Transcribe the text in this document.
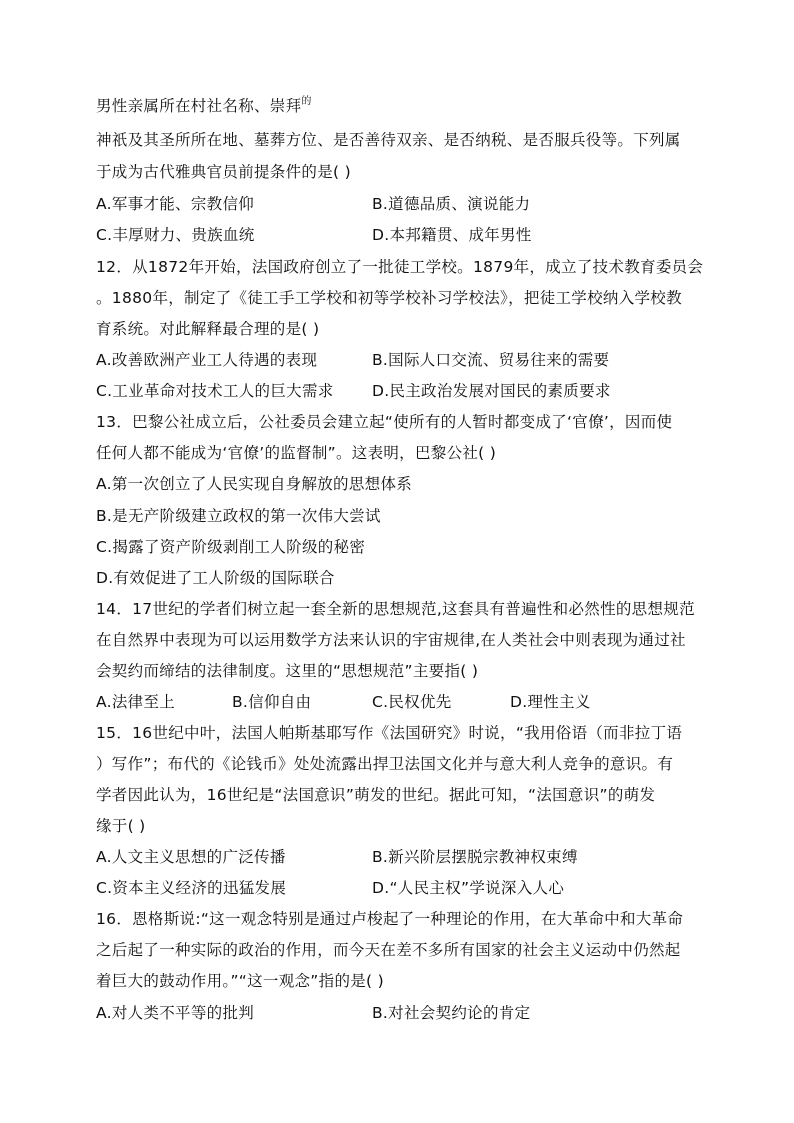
男性亲属所在村社名称、崇拜$^的$
神祇及其圣所所在地、墓葬方位、是否善待双亲、是否纳税、是否服兵役等。下列属
于成为古代雅典官员前提条件的是( )
A.军事才能、宗教信仰	B.道德品质、演说能力
C.丰厚财力、贵族血统	D.本邦籍贯、成年男性
12．从1872年开始，法国政府创立了一批徒工学校。1879年，成立了技术教育委员会
。1880年，制定了《徒工手工学校和初等学校补习学校法》，把徒工学校纳入学校教
育系统。对此解释最合理的是( )
A.改善欧洲产业工人待遇的表现	B.国际人口交流、贸易往来的需要
C.工业革命对技术工人的巨大需求 D.民主政治发展对国民的素质要求
13．巴黎公社成立后，公社委员会建立起“使所有的人暂时都变成了‘官僚’，因而使
任何人都不能成为‘官僚’的监督制”。这表明，巴黎公社( )
A.第一次创立了人民实现自身解放的思想体系
B.是无产阶级建立政权的第一次伟大尝试
C.揭露了资产阶级剥削工人阶级的秘密
D.有效促进了工人阶级的国际联合
14．17世纪的学者们树立起一套全新的思想规范,这套具有普遍性和必然性的思想规范
在自然界中表现为可以运用数学方法来认识的宇宙规律,在人类社会中则表现为通过社
会契约而缔结的法律制度。这里的“思想规范”主要指( )
A.法律至上	B.信仰自由	C.民权优先	D.理性主义
15．16世纪中叶，法国人帕斯基耶写作《法国研究》时说，“我用俗语（而非拉丁语
）写作”；布代的《论钱币》处处流露出捍卫法国文化并与意大利人竞争的意识。有
学者因此认为，16世纪是“法国意识”萌发的世纪。据此可知，“法国意识”的萌发
缘于( )
A.人文主义思想的广泛传播	B.新兴阶层摆脱宗教神权束缚
C.资本主义经济的迅猛发展	D.“人民主权”学说深入人心
16．恩格斯说:“这一观念特别是通过卢梭起了一种理论的作用，在大革命中和大革命
之后起了一种实际的政治的作用，而今天在差不多所有国家的社会主义运动中仍然起
着巨大的鼓动作用。”“这一观念”指的是( )
A.对人类不平等的批判	B.对社会契约论的肯定
